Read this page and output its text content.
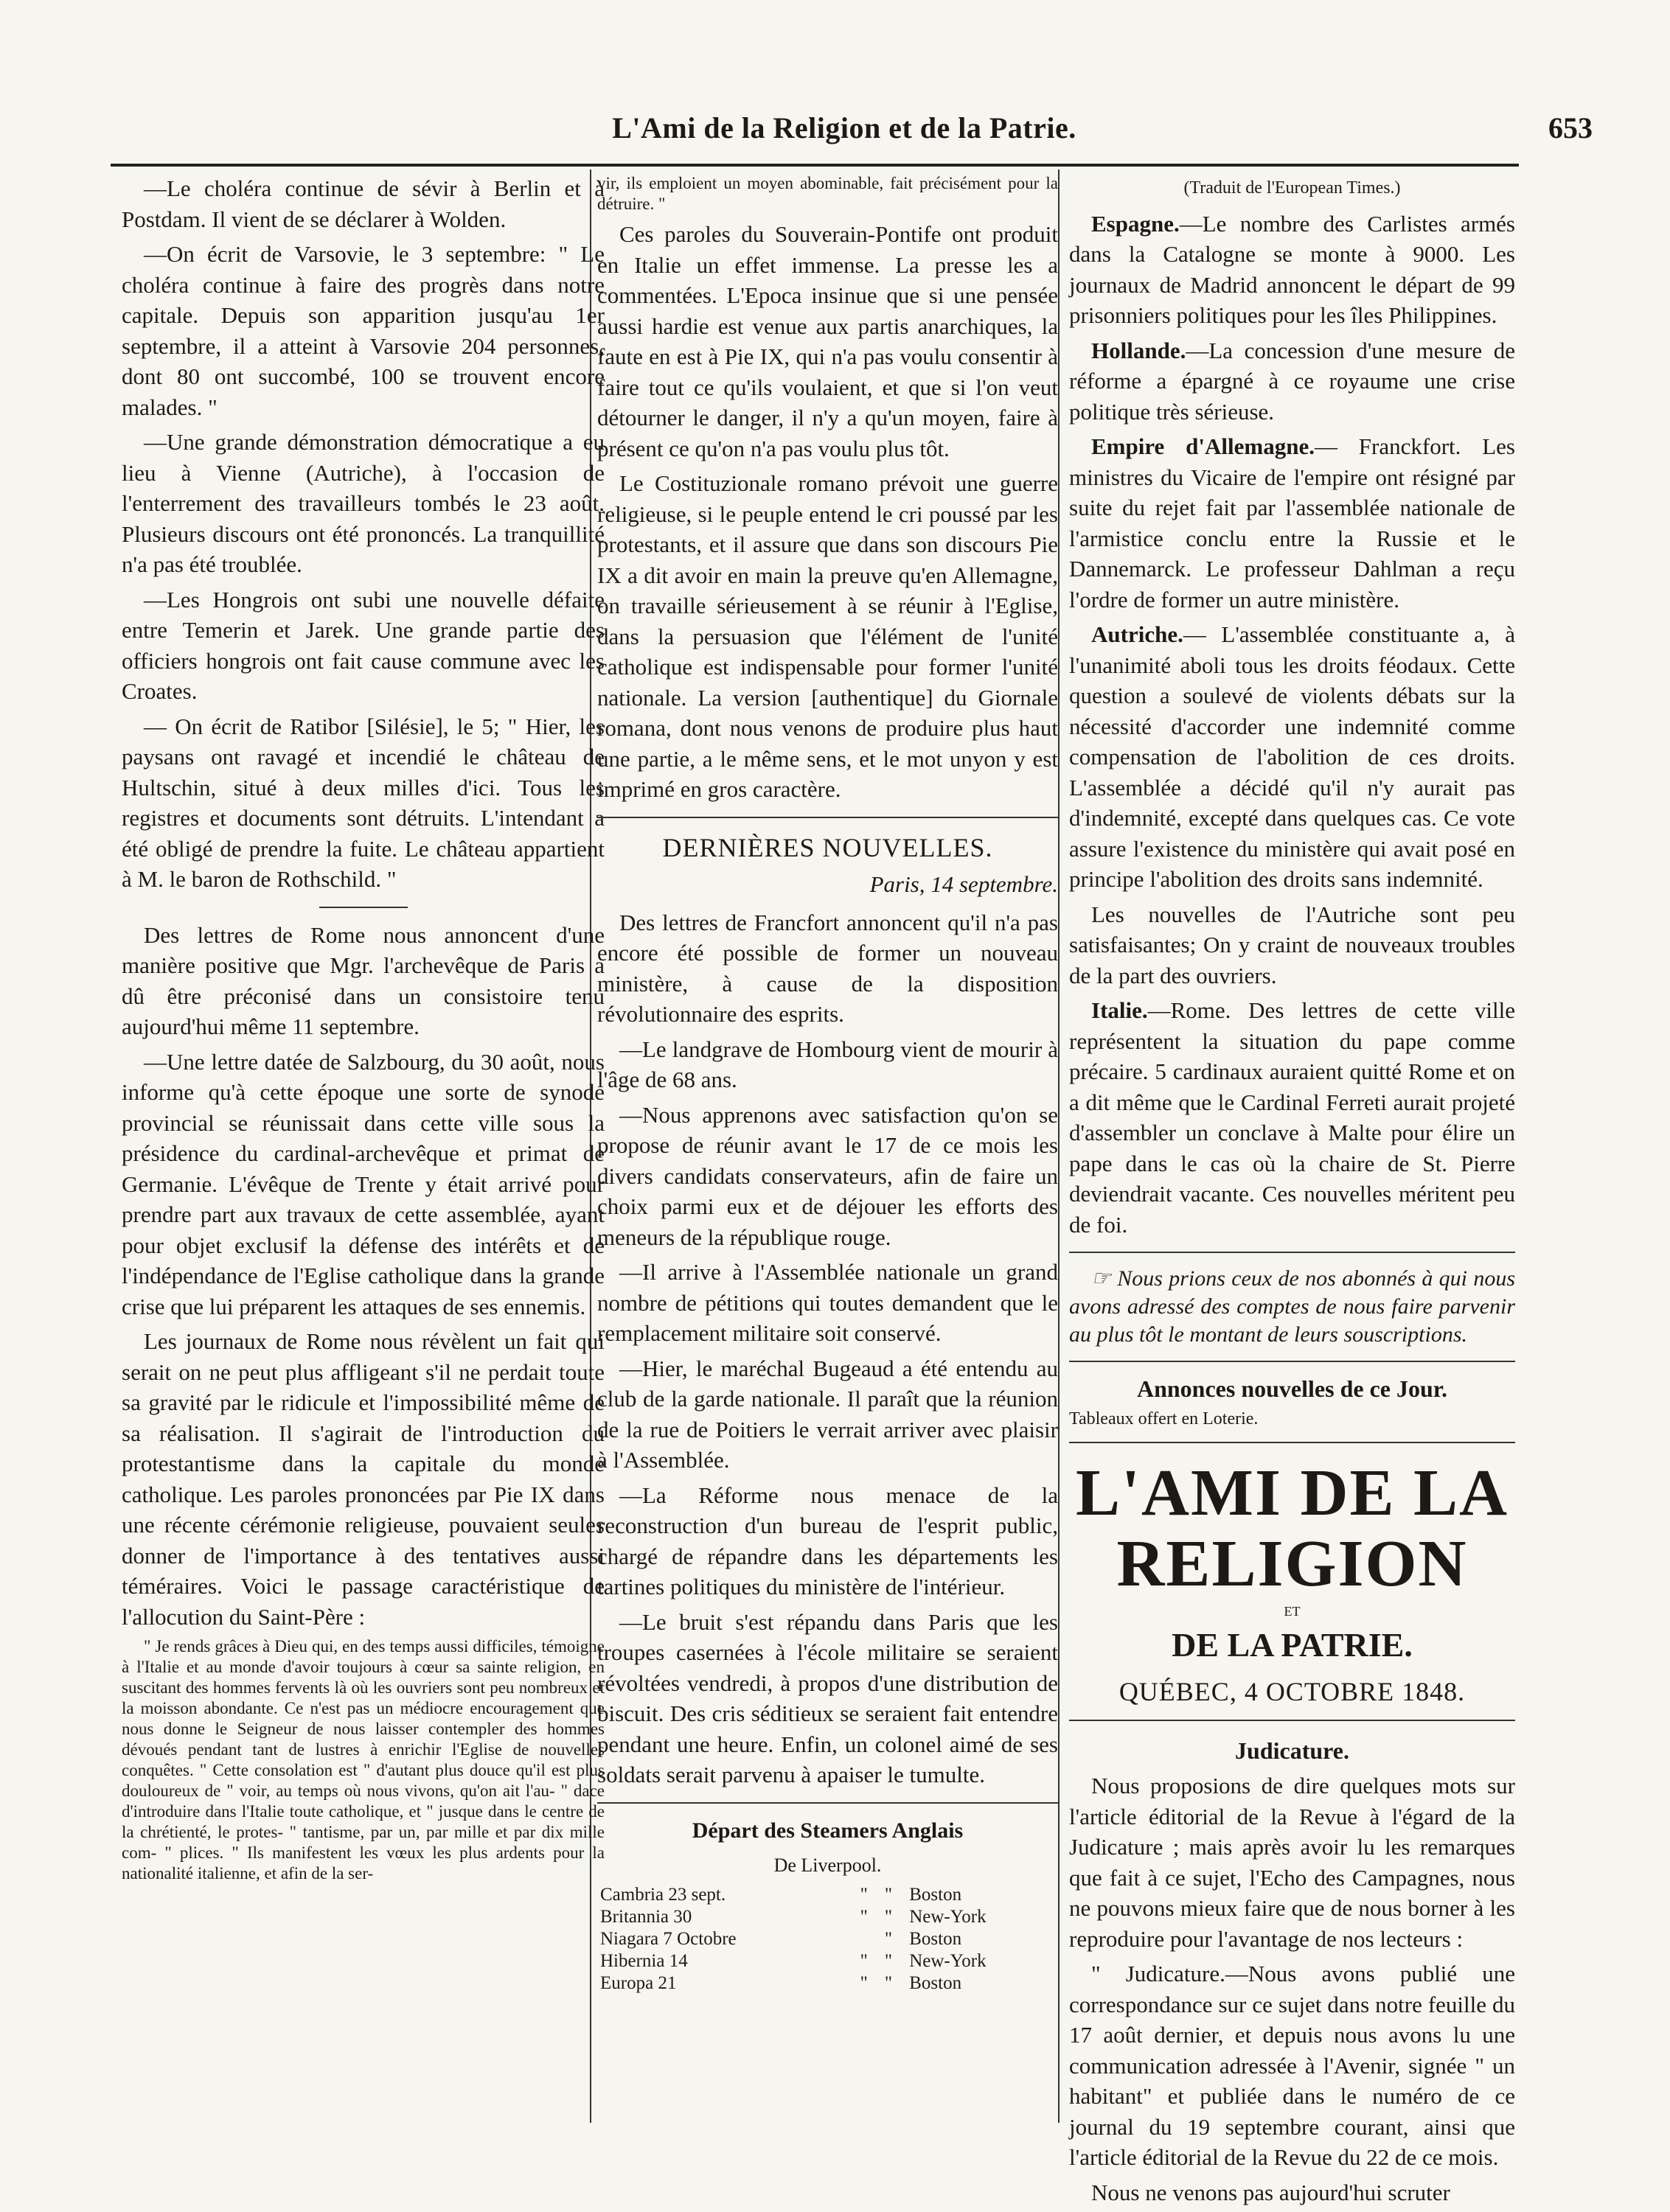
L'Ami de la Religion et de la Patrie.	653

—Le choléra continue de sévir à Berlin et à Postdam. Il vient de se déclarer à Wolden.

—On écrit de Varsovie, le 3 septembre: " Le choléra continue à faire des progrès dans notre capitale. Depuis son apparition jusqu'au 1er septembre, il a atteint à Varsovie 204 personnes, dont 80 ont succombé, 100 se trouvent encore malades. "

—Une grande démonstration démocratique a eu lieu à Vienne (Autriche), à l'occasion de l'enterrement des travailleurs tombés le 23 août. Plusieurs discours ont été prononcés. La tranquillité n'a pas été troublée.

—Les Hongrois ont subi une nouvelle défaite entre Temerin et Jarek. Une grande partie des officiers hongrois ont fait cause commune avec les Croates.

— On écrit de Ratibor [Silésie], le 5; " Hier, les paysans ont ravagé et incendié le château de Hultschin, situé à deux milles d'ici. Tous les registres et documents sont détruits. L'intendant a été obligé de prendre la fuite. Le château appartient à M. le baron de Rothschild. "

Des lettres de Rome nous annoncent d'une manière positive que Mgr. l'archevêque de Paris a dû être préconisé dans un consistoire tenu aujourd'hui même 11 septembre.

—Une lettre datée de Salzbourg, du 30 août, nous informe qu'à cette époque une sorte de synode provincial se réunissait dans cette ville sous la présidence du cardinal-archevêque et primat de Germanie. L'évêque de Trente y était arrivé pour prendre part aux travaux de cette assemblée, ayant pour objet exclusif la défense des intérêts et de l'indépendance de l'Eglise catholique dans la grande crise que lui préparent les attaques de ses ennemis.

Les journaux de Rome nous révèlent un fait qui serait on ne peut plus affligeant s'il ne perdait toute sa gravité par le ridicule et l'impossibilité même de sa réalisation. Il s'agirait de l'introduction du protestantisme dans la capitale du monde catholique. Les paroles prononcées par Pie IX dans une récente cérémonie religieuse, pouvaient seules donner de l'importance à des tentatives aussi téméraires. Voici le passage caractéristique de l'allocution du Saint-Père :

" Je rends grâces à Dieu qui, en des temps aussi difficiles, témoigne à l'Italie et au monde d'avoir toujours à cœur sa sainte religion, en suscitant des hommes fervents là où les ouvriers sont peu nombreux et la moisson abondante. Ce n'est pas un médiocre encouragement que nous donne le Seigneur de nous laisser contempler des hommes dévoués pendant tant de lustres à enrichir l'Eglise de nouvelles conquêtes. " Cette consolation est " d'autant plus douce qu'il est plus douloureux de " voir, au temps où nous vivons, qu'on ait l'au- " dace d'introduire dans l'Italie toute catholique, et " jusque dans le centre de la chrétienté, le protes- " tantisme, par un, par mille et par dix mille com- " plices. " Ils manifestent les vœux les plus ardents pour la nationalité italienne, et afin de la ser-

vir, ils emploient un moyen abominable, fait précisément pour la détruire. "

Ces paroles du Souverain-Pontife ont produit en Italie un effet immense. La presse les a commentées. L'Epoca insinue que si une pensée aussi hardie est venue aux partis anarchiques, la faute en est à Pie IX, qui n'a pas voulu consentir à faire tout ce qu'ils voulaient, et que si l'on veut détourner le danger, il n'y a qu'un moyen, faire à présent ce qu'on n'a pas voulu plus tôt.

Le Costituzionale romano prévoit une guerre religieuse, si le peuple entend le cri poussé par les protestants, et il assure que dans son discours Pie IX a dit avoir en main la preuve qu'en Allemagne, on travaille sérieusement à se réunir à l'Eglise, dans la persuasion que l'élément de l'unité catholique est indispensable pour former l'unité nationale. La version [authentique] du Giornale romana, dont nous venons de produire plus haut une partie, a le même sens, et le mot unyon y est imprimé en gros caractère.

DERNIÈRES NOUVELLES.
Paris, 14 septembre.

Des lettres de Francfort annoncent qu'il n'a pas encore été possible de former un nouveau ministère, à cause de la disposition révolutionnaire des esprits.

—Le landgrave de Hombourg vient de mourir à l'âge de 68 ans.

—Nous apprenons avec satisfaction qu'on se propose de réunir avant le 17 de ce mois les divers candidats conservateurs, afin de faire un choix parmi eux et de déjouer les efforts des meneurs de la république rouge.

—Il arrive à l'Assemblée nationale un grand nombre de pétitions qui toutes demandent que le remplacement militaire soit conservé.

—Hier, le maréchal Bugeaud a été entendu au club de la garde nationale. Il paraît que la réunion de la rue de Poitiers le verrait arriver avec plaisir à l'Assemblée.

—La Réforme nous menace de la reconstruction d'un bureau de l'esprit public, chargé de répandre dans les départements les tartines politiques du ministère de l'intérieur.

—Le bruit s'est répandu dans Paris que les troupes casernées à l'école militaire se seraient révoltées vendredi, à propos d'une distribution de biscuit. Des cris séditieux se seraient fait entendre pendant une heure. Enfin, un colonel aimé de ses soldats serait parvenu à apaiser le tumulte.

Départ des Steamers Anglais
De Liverpool.
Cambria 23 sept.	"	"	Boston
Britannia 30	"	"	New-York
Niagara 7 Octobre		"	Boston
Hibernia 14	"	"	New-York
Europa 21	"	"	Boston
(Traduit de l'European Times.)

Espagne.—Le nombre des Carlistes armés dans la Catalogne se monte à 9000. Les journaux de Madrid annoncent le départ de 99 prisonniers politiques pour les îles Philippines.

Hollande.—La concession d'une mesure de réforme a épargné à ce royaume une crise politique très sérieuse.

Empire d'Allemagne.— Franckfort. Les ministres du Vicaire de l'empire ont résigné par suite du rejet fait par l'assemblée nationale de l'armistice conclu entre la Russie et le Dannemarck. Le professeur Dahlman a reçu l'ordre de former un autre ministère.

Autriche.— L'assemblée constituante a, à l'unanimité aboli tous les droits féodaux. Cette question a soulevé de violents débats sur la nécessité d'accorder une indemnité comme compensation de l'abolition de ces droits. L'assemblée a décidé qu'il n'y aurait pas d'indemnité, excepté dans quelques cas. Ce vote assure l'existence du ministère qui avait posé en principe l'abolition des droits sans indemnité.

Les nouvelles de l'Autriche sont peu satisfaisantes; On y craint de nouveaux troubles de la part des ouvriers.

Italie.—Rome. Des lettres de cette ville représentent la situation du pape comme précaire. 5 cardinaux auraient quitté Rome et on a dit même que le Cardinal Ferreti aurait projeté d'assembler un conclave à Malte pour élire un pape dans le cas où la chaire de St. Pierre deviendrait vacante. Ces nouvelles méritent peu de foi.

☞ Nous prions ceux de nos abonnés à qui nous avons adressé des comptes de nous faire parvenir au plus tôt le montant de leurs souscriptions.

Annonces nouvelles de ce Jour.
Tableaux offert en Loterie.
L'AMI DE LA RELIGION
ET
DE LA PATRIE.
QUÉBEC, 4 OCTOBRE 1848.
Judicature.

Nous proposions de dire quelques mots sur l'article éditorial de la Revue à l'égard de la Judicature ; mais après avoir lu les remarques que fait à ce sujet, l'Echo des Campagnes, nous ne pouvons mieux faire que de nous borner à les reproduire pour l'avantage de nos lecteurs :

" Judicature.—Nous avons publié une correspondance sur ce sujet dans notre feuille du 17 août dernier, et depuis nous avons lu une communication adressée à l'Avenir, signée " un habitant" et publiée dans le numéro de ce journal du 19 septembre courant, ainsi que l'article éditorial de la Revue du 22 de ce mois.

Nous ne venons pas aujourd'hui scruter
